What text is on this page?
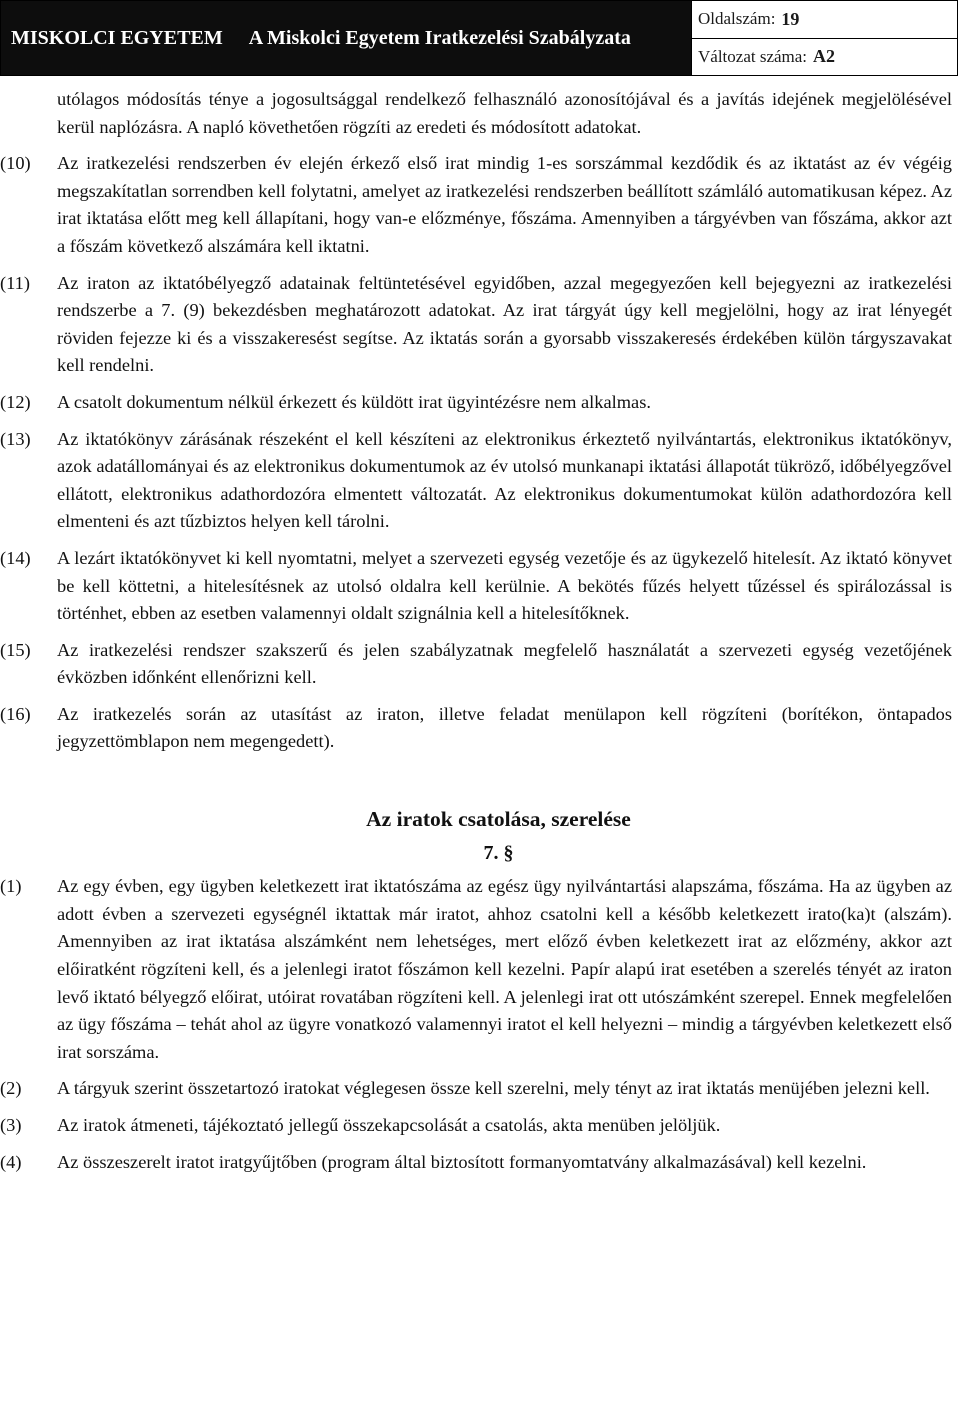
MISKOLCI EGYETEM A Miskolci Egyetem Iratkezelési Szabályzata
Oldalszám: 19
Változat száma: A2

utólagos módosítás ténye a jogosultsággal rendelkező felhasználó azonosítójával és a javítás idejének megjelölésével kerül naplózásra. A napló követhetően rögzíti az eredeti és módosított adatokat.

(10)	Az iratkezelési rendszerben év elején érkező első irat mindig 1-es sorszámmal kezdődik és az iktatást az év végéig megszakítatlan sorrendben kell folytatni, amelyet az iratkezelési rendszerben beállított számláló automatikusan képez. Az irat iktatása előtt meg kell állapítani, hogy van-e előzménye, főszáma. Amennyiben a tárgyévben van főszáma, akkor azt a főszám következő alszámára kell iktatni.
(11)	Az iraton az iktatóbélyegző adatainak feltüntetésével egyidőben, azzal megegyezően kell bejegyezni az iratkezelési rendszerbe a 7. (9) bekezdésben meghatározott adatokat. Az irat tárgyát úgy kell megjelölni, hogy az irat lényegét röviden fejezze ki és a visszakeresést segítse. Az iktatás során a gyorsabb visszakeresés érdekében külön tárgyszavakat kell rendelni.
(12)	A csatolt dokumentum nélkül érkezett és küldött irat ügyintézésre nem alkalmas.
(13)	Az iktatókönyv zárásának részeként el kell készíteni az elektronikus érkeztető nyilvántartás, elektronikus iktatókönyv, azok adatállományai és az elektronikus dokumentumok az év utolsó munkanapi iktatási állapotát tükröző, időbélyegzővel ellátott, elektronikus adathordozóra elmentett változatát. Az elektronikus dokumentumokat külön adathordozóra kell elmenteni és azt tűzbiztos helyen kell tárolni.
(14)	A lezárt iktatókönyvet ki kell nyomtatni, melyet a szervezeti egység vezetője és az ügykezelő hitelesít. Az iktató könyvet be kell köttetni, a hitelesítésnek az utolsó oldalra kell kerülnie. A bekötés fűzés helyett tűzéssel és spirálozással is történhet, ebben az esetben valamennyi oldalt szignálnia kell a hitelesítőknek.
(15)	Az iratkezelési rendszer szakszerű és jelen szabályzatnak megfelelő használatát a szervezeti egység vezetőjének évközben időnként ellenőrizni kell.
(16)	Az iratkezelés során az utasítást az iraton, illetve feladat menülapon kell rögzíteni (borítékon, öntapados jegyzettömblapon nem megengedett).
Az iratok csatolása, szerelése
7. §
(1)	Az egy évben, egy ügyben keletkezett irat iktatószáma az egész ügy nyilvántartási alapszáma, főszáma. Ha az ügyben az adott évben a szervezeti egységnél iktattak már iratot, ahhoz csatolni kell a később keletkezett irato(ka)t (alszám). Amennyiben az irat iktatása alszámként nem lehetséges, mert előző évben keletkezett irat az előzmény, akkor azt előiratként rögzíteni kell, és a jelenlegi iratot főszámon kell kezelni. Papír alapú irat esetében a szerelés tényét az iraton levő iktató bélyegző előirat, utóirat rovatában rögzíteni kell. A jelenlegi irat ott utószámként szerepel. Ennek megfelelően az ügy főszáma – tehát ahol az ügyre vonatkozó valamennyi iratot el kell helyezni – mindig a tárgyévben keletkezett első irat sorszáma.
(2)	A tárgyuk szerint összetartozó iratokat véglegesen össze kell szerelni, mely tényt az irat iktatás menüjében jelezni kell.
(3)	Az iratok átmeneti, tájékoztató jellegű összekapcsolását a csatolás, akta menüben jelöljük.
(4)	Az összeszerelt iratot iratgyűjtőben (program által biztosított formanyomtatvány alkalmazásával) kell kezelni.
